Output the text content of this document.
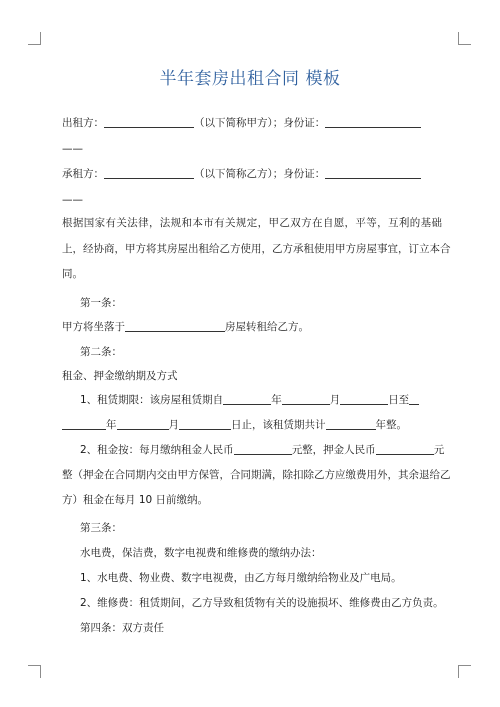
半年套房出租合同 模板
出租方：	（以下简称甲方）；身份证：
——
承租方：	（以下简称乙方）；身份证：
——
根据国家有关法律，法规和本市有关规定，甲乙双方在自愿，平等，互利的基础
上，经协商，甲方将其房屋出租给乙方使用，乙方承租使用甲方房屋事宜，订立本合
同。
第一条：
甲方将坐落于	房屋转租给乙方。
第二条：
租金、押金缴纳期及方式
1、租赁期限：该房屋租赁期自	年	月	日至
年	月	日止，该租赁期共计	年整。
2、租金按：每月缴纳租金人民币	元整，押金人民币	元
整（押金在合同期内交由甲方保管，合同期满，除扣除乙方应缴费用外，其余退给乙
方）租金在每月 10 日前缴纳。
第三条：
水电费，保洁费，数字电视费和维修费的缴纳办法：
1、水电费、物业费、数字电视费，由乙方每月缴纳给物业及广电局。
2、维修费：租赁期间，乙方导致租赁物有关的设施损坏、维修费由乙方负责。
第四条：双方责任
